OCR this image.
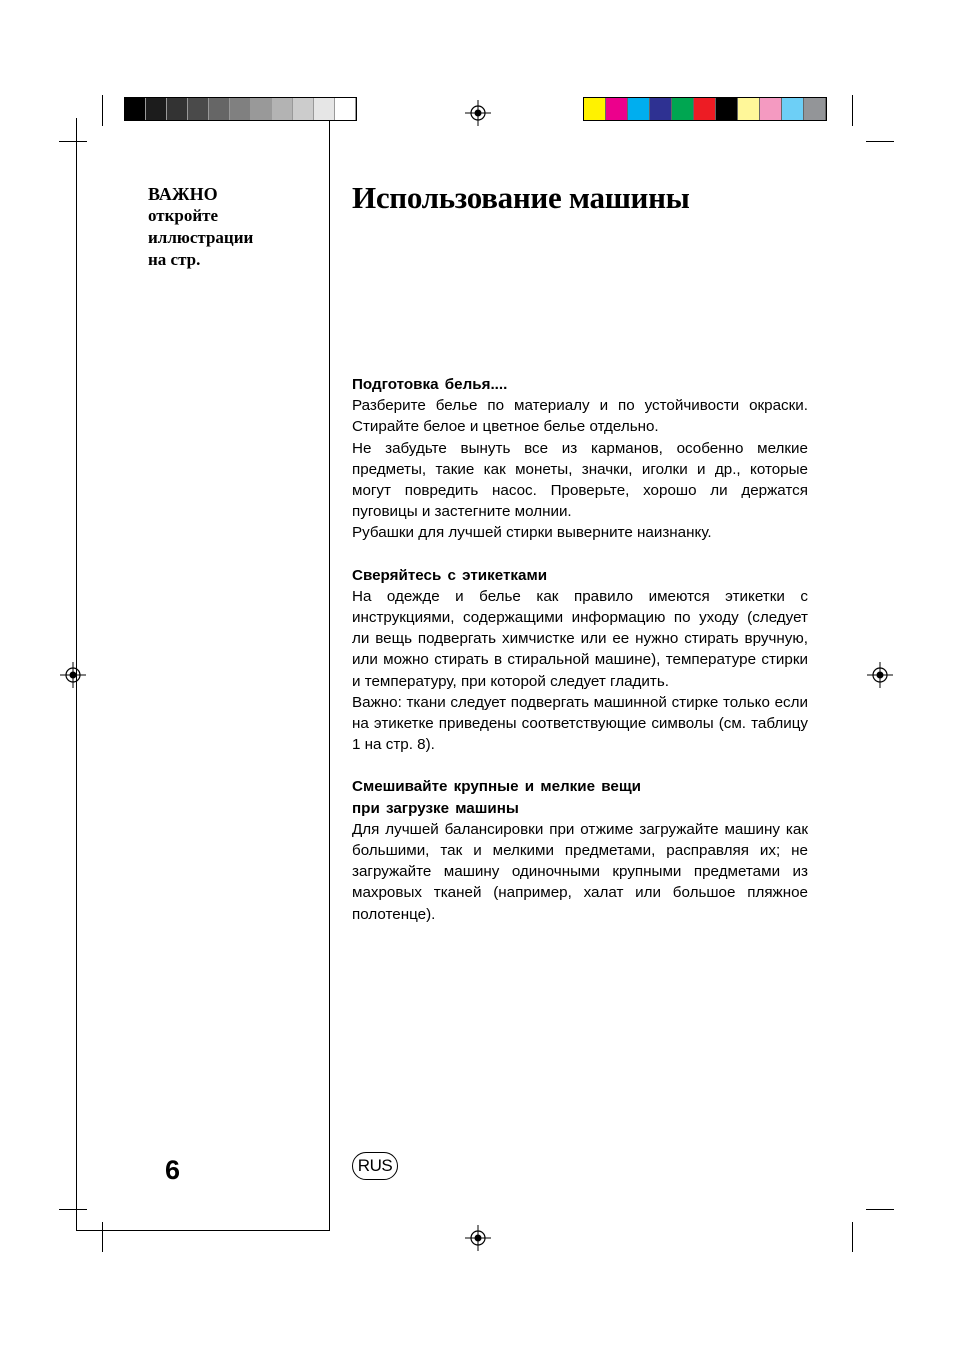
ВАЖНО
откройте
иллюстрации
на стр.
Использование машины
Подготовка белья....

Разберите белье по материалу и по устойчивости окраски. Стирайте белое и цветное белье отдельно.

Не забудьте вынуть все из карманов, особенно мелкие предметы, такие как монеты, значки, иголки и др., которые могут повредить насос. Проверьте, хорошо ли держатся пуговицы и застегните молнии.

Рубашки для лучшей стирки выверните наизнанку.

Сверяйтесь с этикетками

На одежде и белье как правило имеются этикетки с инструкциями, содержащими информацию по уходу (следует ли вещь подвергать химчистке или ее нужно стирать вручную, или можно стирать в стиральной машине), температуре стирки и температуру, при которой следует гладить.

Важно: ткани следует подвергать машинной стирке только если на этикетке приведены соответствующие символы (см. таблицу 1 на стр. 8).

Смешивайте крупные и мелкие вещи
при загрузке машины

Для лучшей балансировки при отжиме загружайте машину как большими, так и мелкими предметами, расправляя их; не загружайте машину одиночными крупными предметами из махровых тканей (например, халат или большое пляжное полотенце).

6	RUS
